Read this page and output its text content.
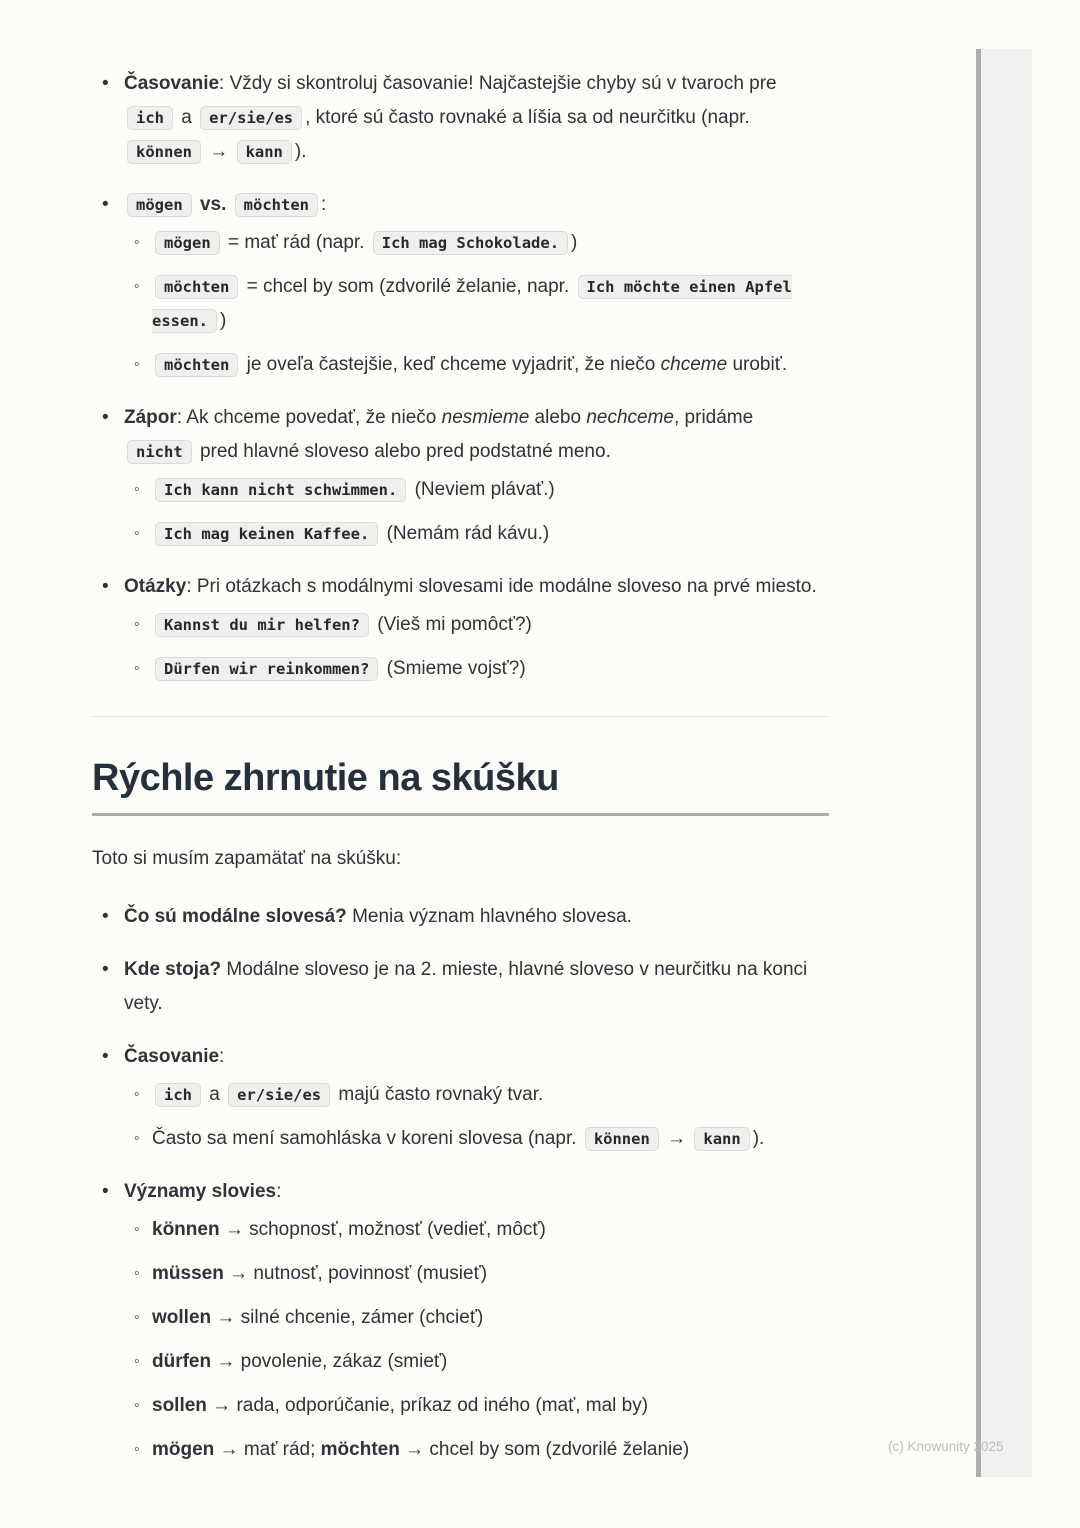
• Časovanie: Vždy si skontroluj časovanie! Najčastejšie chyby sú v tvaroch pre ich a er/sie/es , ktoré sú často rovnaké a líšia sa od neurčitku (napr. können → kann ).
•	mögen vs. möchten :
◦	mögen = mať rád (napr. Ich mag Schokolade. )
◦	möchten = chcel by som (zdvorilé želanie, napr. Ich möchte einen Apfel essen. )
◦	möchten je oveľa častejšie, keď chceme vyjadriť, že niečo chceme urobiť.
• Zápor: Ak chceme povedať, že niečo nesmieme alebo nechceme, pridáme nicht pred hlavné sloveso alebo pred podstatné meno.
◦	Ich kann nicht schwimmen. (Neviem plávať.)
◦	Ich mag keinen Kaffee. (Nemám rád kávu.)
• Otázky: Pri otázkach s modálnymi slovesami ide modálne sloveso na prvé miesto.
◦	Kannst du mir helfen? (Vieš mi pomôcť?)
◦	Dürfen wir reinkommen? (Smieme vojsť?)
Rýchle zhrnutie na skúšku
Toto si musím zapamätať na skúšku:
• Čo sú modálne slovesá? Menia význam hlavného slovesa.
• Kde stoja? Modálne sloveso je na 2. mieste, hlavné sloveso v neurčitku na konci vety.
• Časovanie:
◦	ich a er/sie/es majú často rovnaký tvar.
◦ Často sa mení samohláska v koreni slovesa (napr. können → kann ).
• Významy slovies:
◦ können → schopnosť, možnosť (vedieť, môcť)
◦ müssen → nutnosť, povinnosť (musieť)
◦ wollen → silné chcenie, zámer (chcieť)
◦ dürfen → povolenie, zákaz (smieť)
◦ sollen → rada, odporúčanie, príkaz od iného (mať, mal by)
◦ mögen → mať rád; möchten → chcel by som (zdvorilé želanie)	(c) Knowunity 2025
